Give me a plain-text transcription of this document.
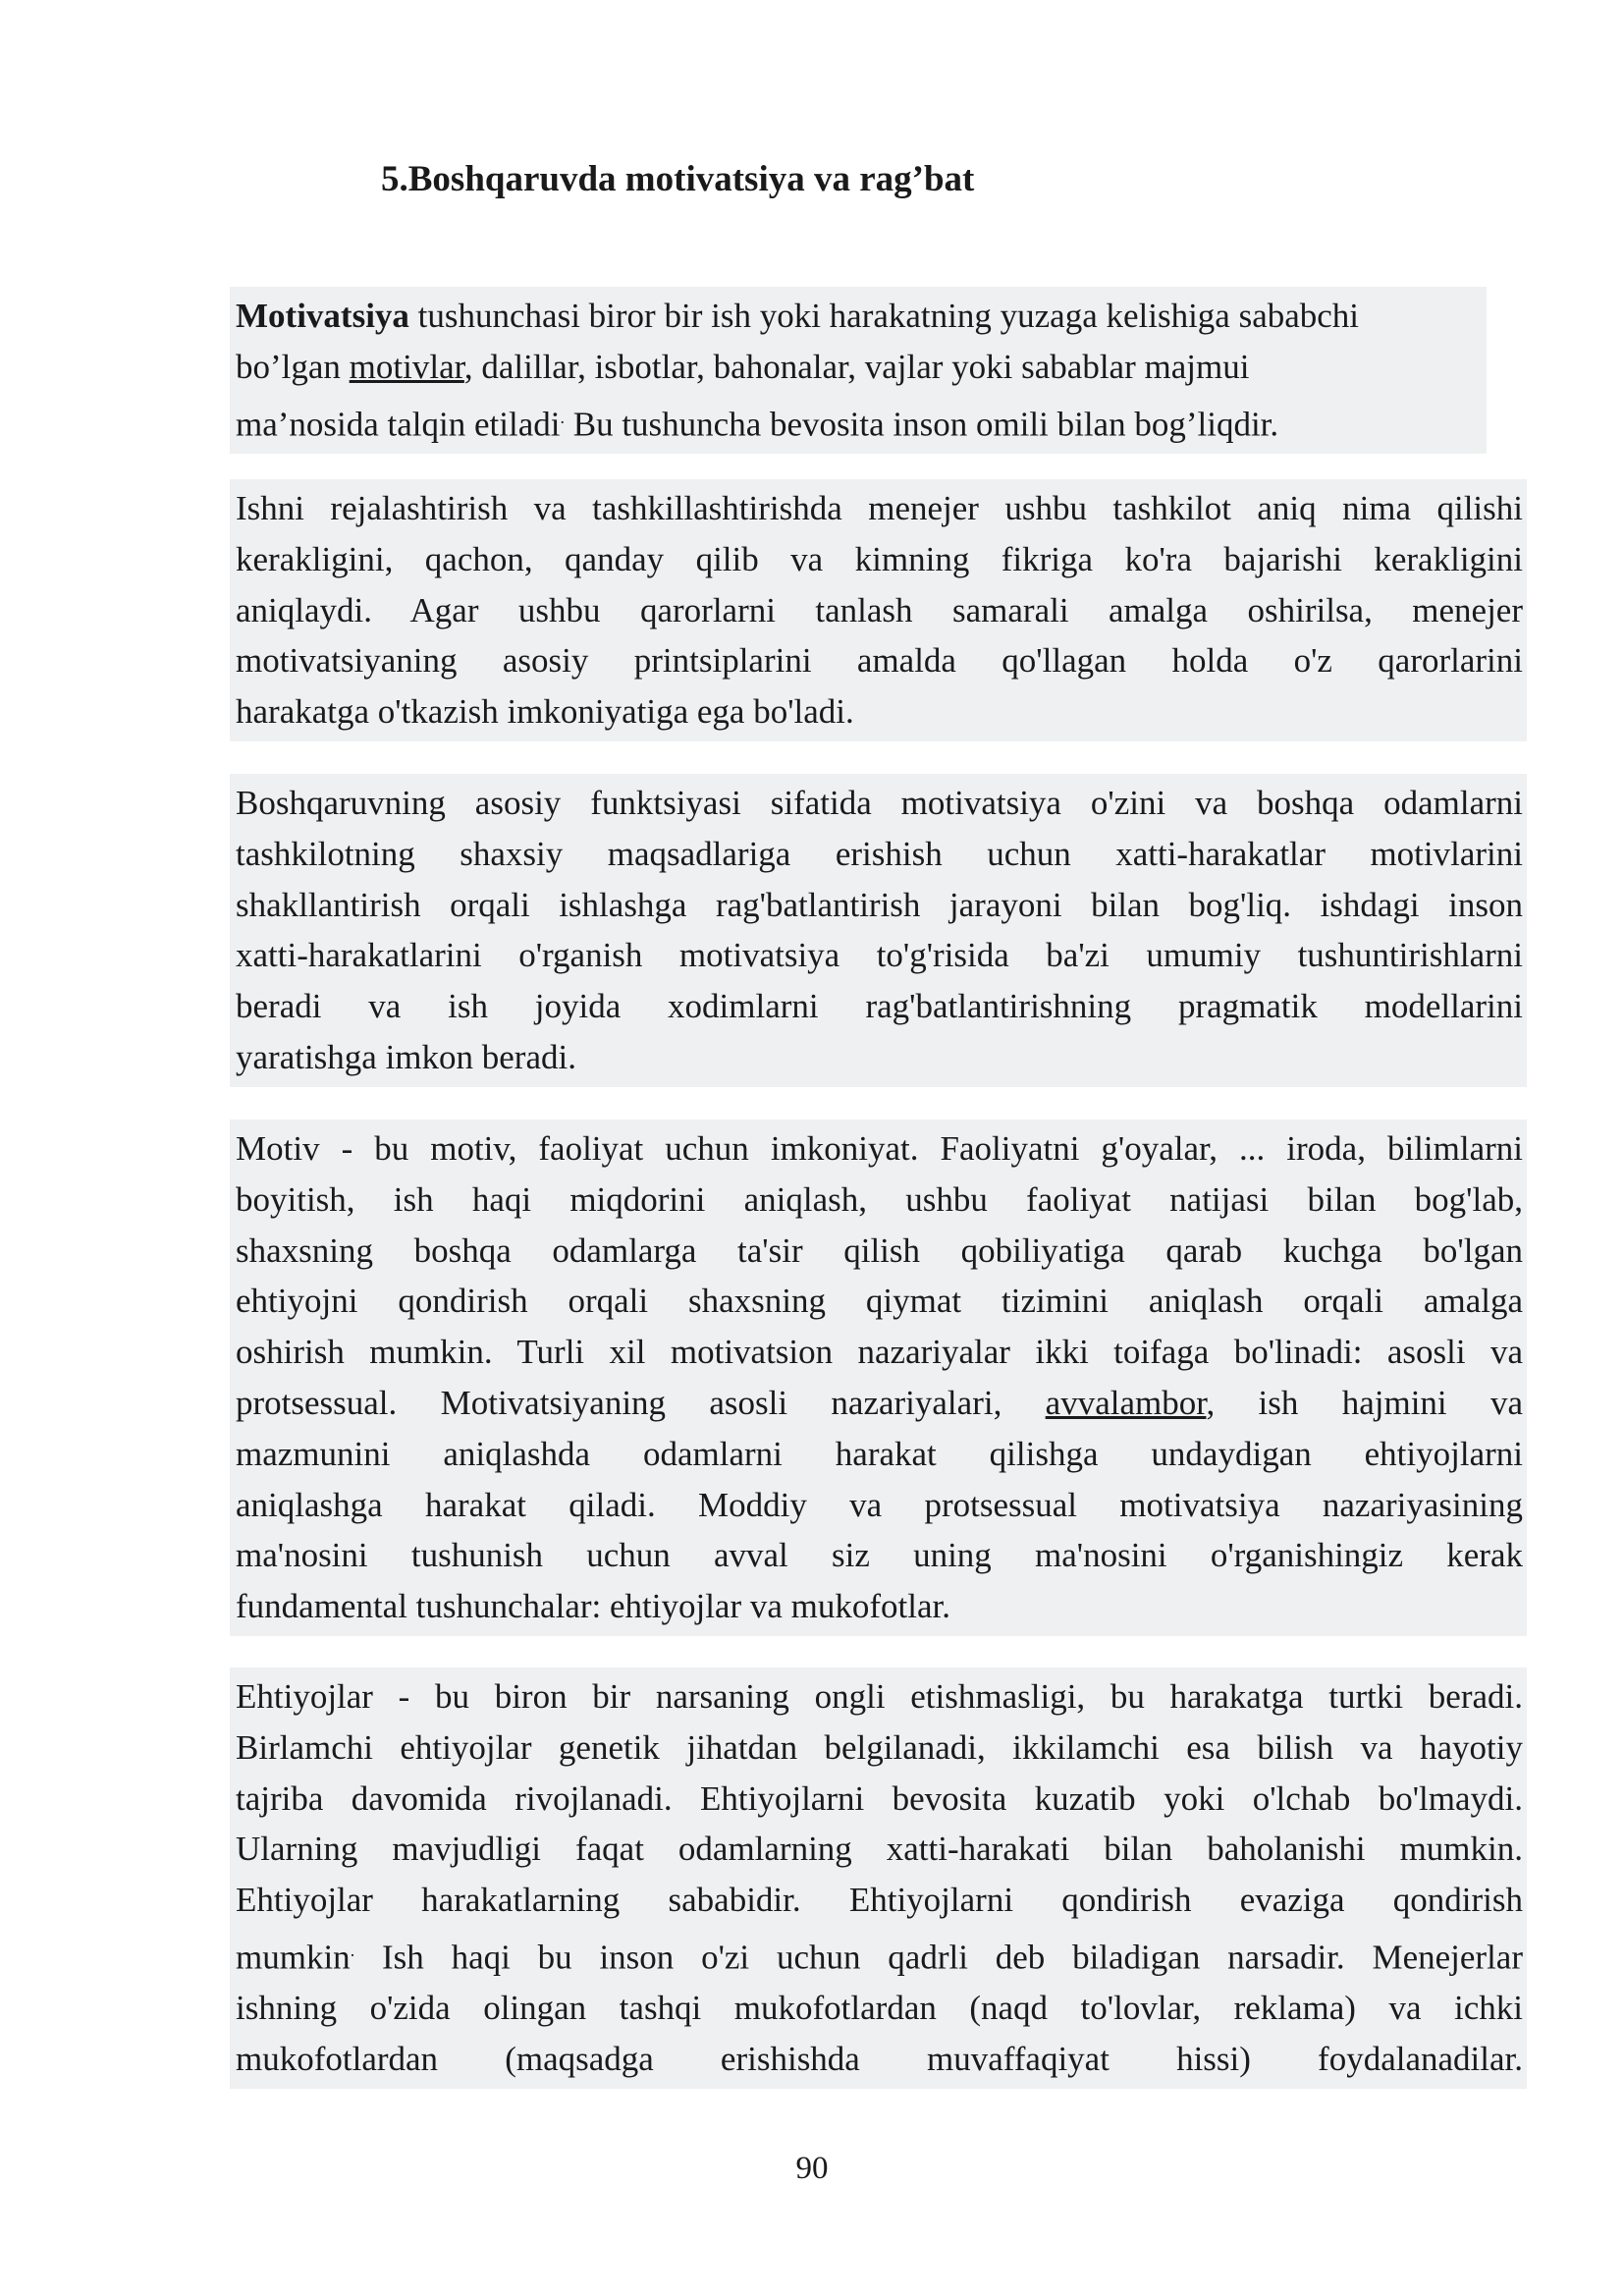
5.Boshqaruvda motivatsiya va rag’bat
Motivatsiya tushunchasi biror bir ish yoki harakatning yuzaga kelishiga sababchi
bo’lgan motivlar, dalillar, isbotlar, bahonalar, vajlar yoki sabablar majmui
ma’nosida talqin etiladi. Bu tushuncha bevosita inson omili bilan bog’liqdir.
Ishni rejalashtirish va tashkillashtirishda menejer ushbu tashkilot aniq nima qilishi
kerakligini, qachon, qanday qilib va kimning fikriga ko'ra bajarishi kerakligini
aniqlaydi. Agar ushbu qarorlarni tanlash samarali amalga oshirilsa, menejer
motivatsiyaning asosiy printsiplarini amalda qo'llagan holda o'z qarorlarini
harakatga o'tkazish imkoniyatiga ega bo'ladi.
Boshqaruvning asosiy funktsiyasi sifatida motivatsiya o'zini va boshqa odamlarni
tashkilotning shaxsiy maqsadlariga erishish uchun xatti-harakatlar motivlarini
shakllantirish orqali ishlashga rag'batlantirish jarayoni bilan bog'liq. ishdagi inson
xatti-harakatlarini o'rganish motivatsiya to'g'risida ba'zi umumiy tushuntirishlarni
beradi va ish joyida xodimlarni rag'batlantirishning pragmatik modellarini
yaratishga imkon beradi.
Motiv - bu motiv, faoliyat uchun imkoniyat. Faoliyatni g'oyalar, ... iroda, bilimlarni
boyitish, ish haqi miqdorini aniqlash, ushbu faoliyat natijasi bilan bog'lab,
shaxsning boshqa odamlarga ta'sir qilish qobiliyatiga qarab kuchga bo'lgan
ehtiyojni qondirish orqali shaxsning qiymat tizimini aniqlash orqali amalga
oshirish mumkin. Turli xil motivatsion nazariyalar ikki toifaga bo'linadi: asosli va
protsessual. Motivatsiyaning asosli nazariyalari, avvalambor, ish hajmini va
mazmunini aniqlashda odamlarni harakat qilishga undaydigan ehtiyojlarni
aniqlashga harakat qiladi. Moddiy va protsessual motivatsiya nazariyasining
ma'nosini tushunish uchun avval siz uning ma'nosini o'rganishingiz kerak
fundamental tushunchalar: ehtiyojlar va mukofotlar.
Ehtiyojlar - bu biron bir narsaning ongli etishmasligi, bu harakatga turtki beradi.
Birlamchi ehtiyojlar genetik jihatdan belgilanadi, ikkilamchi esa bilish va hayotiy
tajriba davomida rivojlanadi. Ehtiyojlarni bevosita kuzatib yoki o'lchab bo'lmaydi.
Ularning mavjudligi faqat odamlarning xatti-harakati bilan baholanishi mumkin.
Ehtiyojlar harakatlarning sababidir. Ehtiyojlarni qondirish evaziga qondirish
mumkin. Ish haqi bu inson o'zi uchun qadrli deb biladigan narsadir. Menejerlar
ishning o'zida olingan tashqi mukofotlardan (naqd to'lovlar, reklama) va ichki
mukofotlardan (maqsadga erishishda muvaffaqiyat hissi) foydalanadilar.
90
